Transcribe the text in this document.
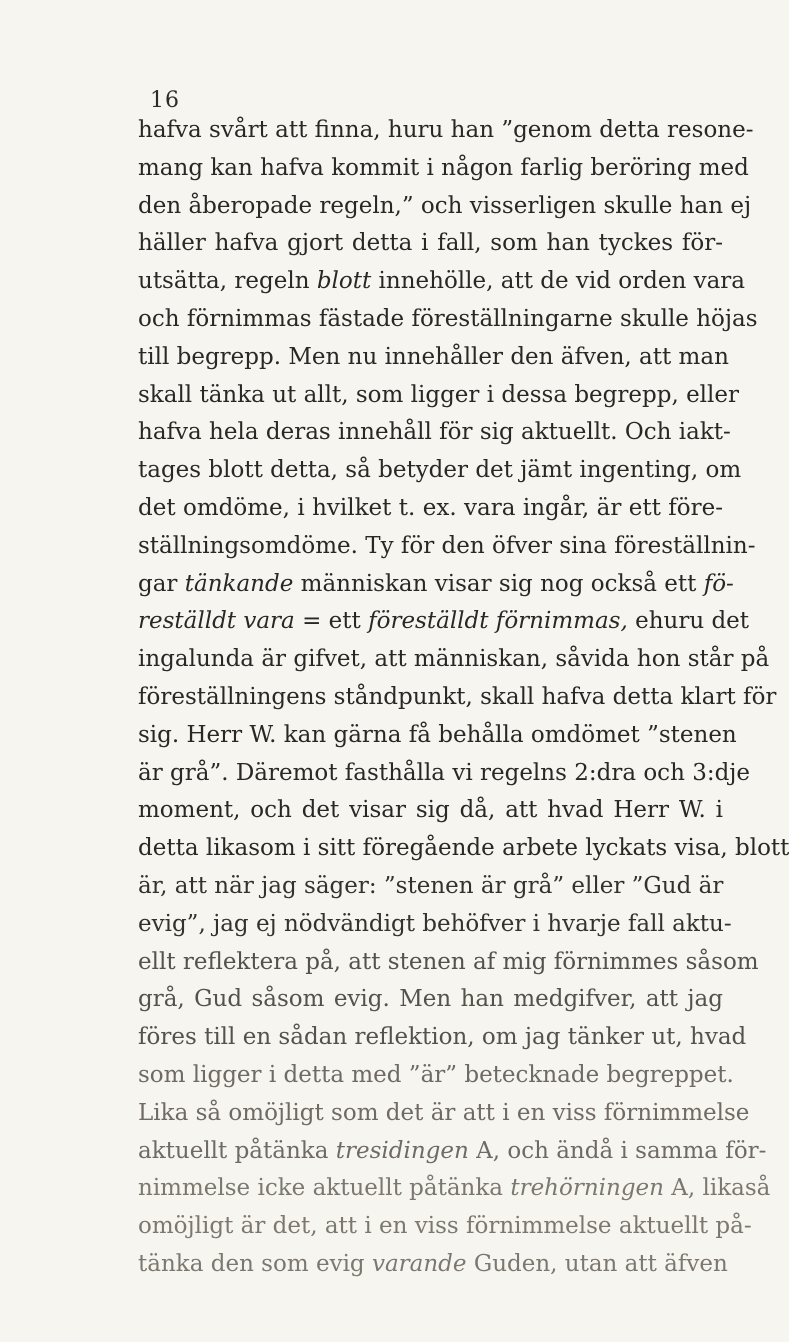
16
hafva svårt att finna, huru han ”genom detta resone-
mang kan hafva kommit i någon farlig beröring med
den åberopade regeln,” och visserligen skulle han ej
häller hafva gjort detta i fall, som han tyckes för-
utsätta, regeln blott innehölle, att de vid orden vara
och förnimmas fästade föreställningarne skulle höjas
till begrepp. Men nu innehåller den äfven, att man
skall tänka ut allt, som ligger i dessa begrepp, eller
hafva hela deras innehåll för sig aktuellt. Och iakt-
tages blott detta, så betyder det jämt ingenting, om
det omdöme, i hvilket t. ex. vara ingår, är ett före-
ställningsomdöme. Ty för den öfver sina föreställnin-
gar tänkande människan visar sig nog också ett fö-
reställdt vara = ett föreställdt förnimmas, ehuru det
ingalunda är gifvet, att människan, såvida hon står på
föreställningens ståndpunkt, skall hafva detta klart för
sig. Herr W. kan gärna få behålla omdömet ”stenen
är grå”. Däremot fasthålla vi regelns 2:dra och 3:dje
moment, och det visar sig då, att hvad Herr W. i
detta likasom i sitt föregående arbete lyckats visa, blott
är, att när jag säger: ”stenen är grå” eller ”Gud är
evig”, jag ej nödvändigt behöfver i hvarje fall aktu-
ellt reflektera på, att stenen af mig förnimmes såsom
grå, Gud såsom evig. Men han medgifver, att jag
föres till en sådan reflektion, om jag tänker ut, hvad
som ligger i detta med ”är” betecknade begreppet.
Lika så omöjligt som det är att i en viss förnimmelse
aktuellt påtänka tresidingen A, och ändå i samma för-
nimmelse icke aktuellt påtänka trehörningen A, likaså
omöjligt är det, att i en viss förnimmelse aktuellt på-
tänka den som evig varande Guden, utan att äfven
